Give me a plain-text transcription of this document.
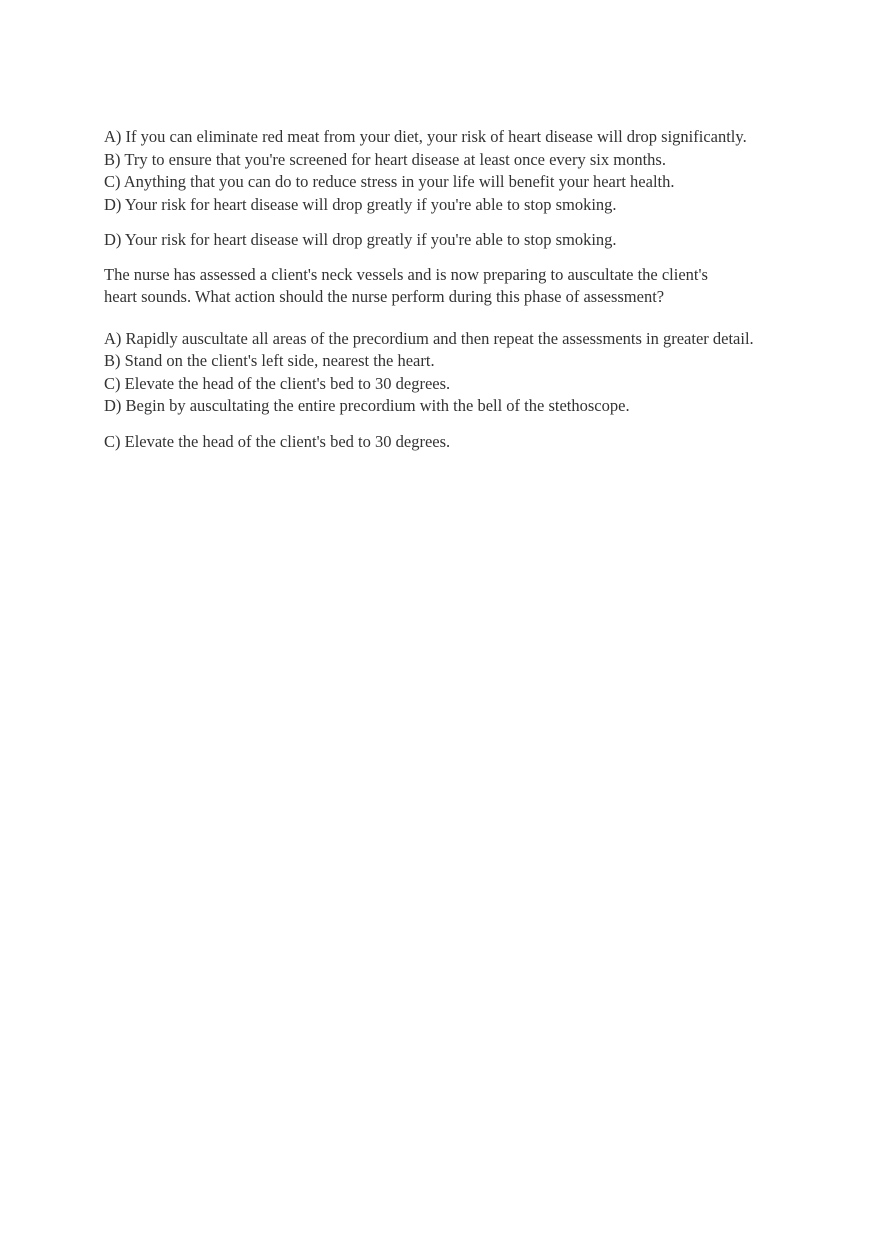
A) If you can eliminate red meat from your diet, your risk of heart disease will drop significantly.
B) Try to ensure that you're screened for heart disease at least once every six months.
C) Anything that you can do to reduce stress in your life will benefit your heart health.
D) Your risk for heart disease will drop greatly if you're able to stop smoking.
D) Your risk for heart disease will drop greatly if you're able to stop smoking.
The nurse has assessed a client's neck vessels and is now preparing to auscultate the client's
heart sounds. What action should the nurse perform during this phase of assessment?
A) Rapidly auscultate all areas of the precordium and then repeat the assessments in greater detail.
B) Stand on the client's left side, nearest the heart.
C) Elevate the head of the client's bed to 30 degrees.
D) Begin by auscultating the entire precordium with the bell of the stethoscope.
C) Elevate the head of the client's bed to 30 degrees.
